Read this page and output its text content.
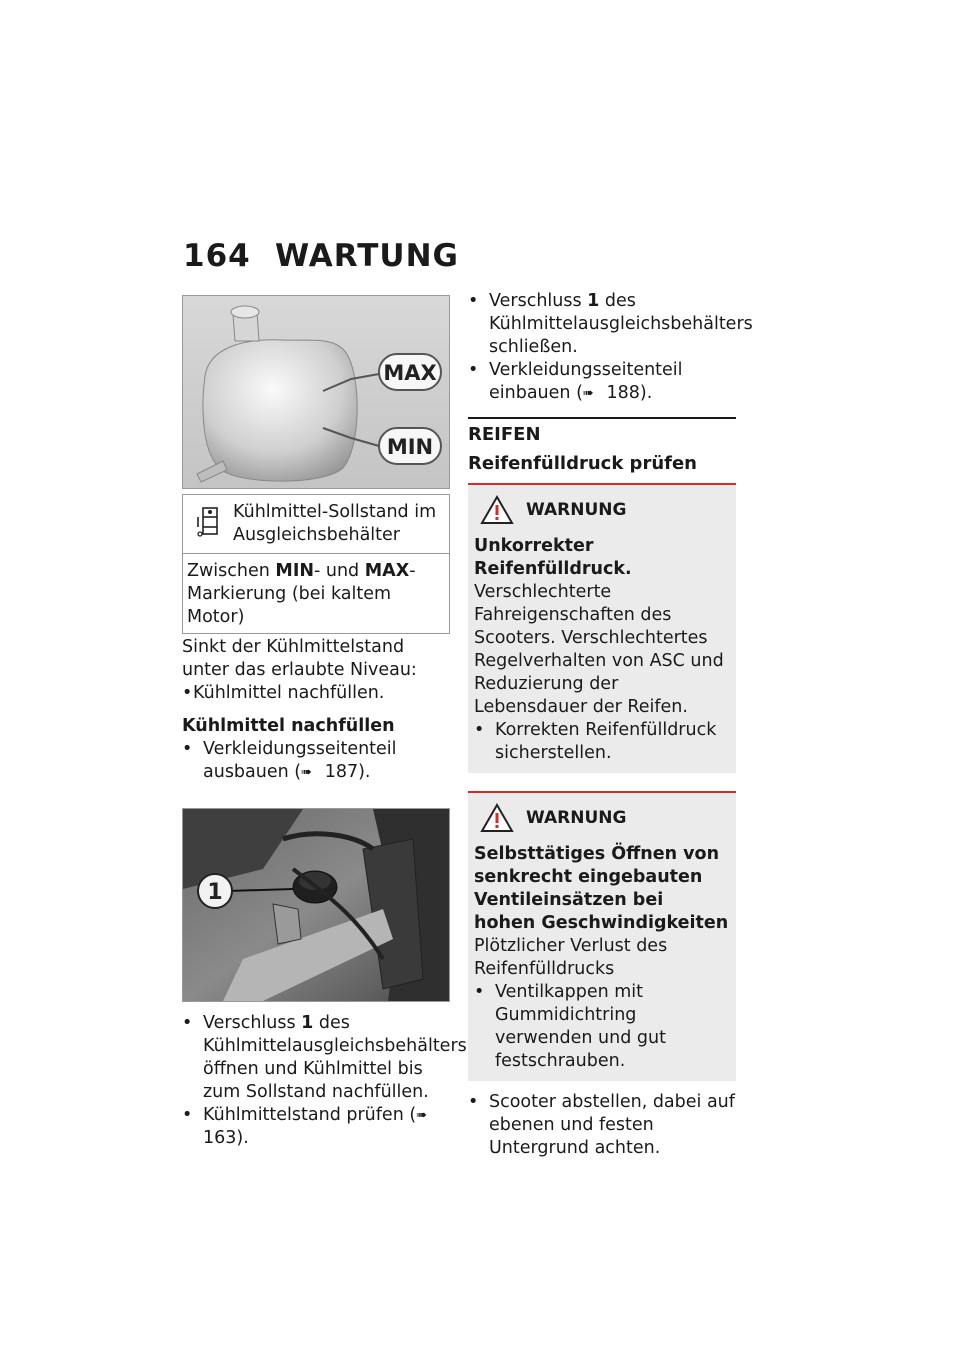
164 WARTUNG
MAX
MIN
Kühlmittel-Sollstand im Ausgleichsbehälter
Zwischen MIN- und MAX-Markierung (bei kaltem Motor)
Sinkt der Kühlmittelstand unter das erlaubte Niveau:
• Kühlmittel nachfüllen.
Kühlmittel nachfüllen
• Verkleidungsseitenteil ausbauen (➠ 187).
1
• Verschluss 1 des Kühlmittelausgleichsbehälters öffnen und Kühlmittel bis zum Sollstand nachfüllen.
• Kühlmittelstand prüfen (➠ 163).
• Verschluss 1 des Kühlmittelausgleichsbehälters schließen.
• Verkleidungsseitenteil einbauen (➠ 188).
REIFEN
Reifenfülldruck prüfen
WARNUNG
Unkorrekter Reifenfülldruck.
Verschlechterte Fahreigenschaften des Scooters. Verschlechtertes Regelverhalten von ASC und Reduzierung der Lebensdauer der Reifen.
• Korrekten Reifenfülldruck sicherstellen.
WARNUNG
Selbsttätiges Öffnen von senkrecht eingebauten Ventileinsätzen bei hohen Geschwindigkeiten
Plötzlicher Verlust des Reifenfülldrucks
• Ventilkappen mit Gummidichtring verwenden und gut festschrauben.
• Scooter abstellen, dabei auf ebenen und festen Untergrund achten.
